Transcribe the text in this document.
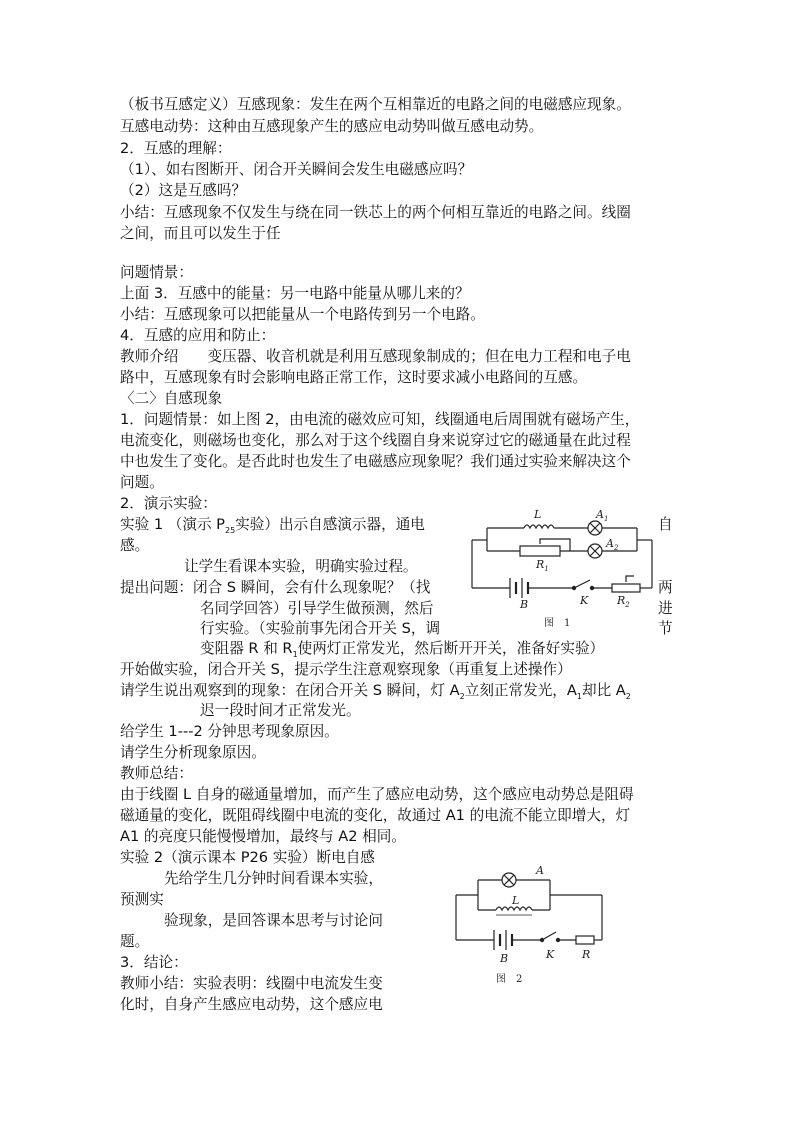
（板书互感定义）互感现象：发生在两个互相靠近的电路之间的电磁感应现象。
互感电动势：这种由互感现象产生的感应电动势叫做互感电动势。
2．互感的理解：
（1）、如右图断开、闭合开关瞬间会发生电磁感应吗？
（2）这是互感吗？
小结：互感现象不仅发生与绕在同一铁芯上的两个何相互靠近的电路之间。线圈
之间，而且可以发生于任
问题情景：
上面 3．互感中的能量：另一电路中能量从哪儿来的？
小结：互感现象可以把能量从一个电路传到另一个电路。
4．互感的应用和防止：
教师介绍　　变压器、收音机就是利用互感现象制成的；但在电力工程和电子电
路中，互感现象有时会影响电路正常工作，这时要求减小电路间的互感。
〈二〉自感现象
1．问题情景：如上图 2，由电流的磁效应可知，线圈通电后周围就有磁场产生，
电流变化，则磁场也变化，那么对于这个线圈自身来说穿过它的磁通量在此过程
中也发生了变化。是否此时也发生了电磁感应现象呢？我们通过实验来解决这个
问题。
2．演示实验：
实验 1 （演示 $P_{25}$实验）出示自感演示器，通电	自
感。
让学生看课本实验，明确实验过程。
提出问题：闭合 S 瞬间，会有什么现象呢？（找	两
名同学回答）引导学生做预测，然后	进
行实验。（实验前事先闭合开关 S，调	节
变阻器 R 和 $R_1$使两灯正常发光，然后断开开关，准备好实验）
开始做实验，闭合开关 S，提示学生注意观察现象（再重复上述操作）
请学生说出观察到的现象：在闭合开关 S 瞬间，灯 $A_2$立刻正常发光，$A_1$却比 $A_2$
迟一段时间才正常发光。
给学生 1---2 分钟思考现象原因。
请学生分析现象原因。
教师总结：
由于线圈 L 自身的磁通量增加，而产生了感应电动势，这个感应电动势总是阻碍
磁通量的变化，既阻碍线圈中电流的变化，故通过 A1 的电流不能立即增大，灯
A1 的亮度只能慢慢增加，最终与 A2 相同。
实验 2（演示课本 P26 实验）断电自感
先给学生几分钟时间看课本实验，
预测实
验现象，是回答课本思考与讨论问
题。
3．结论：
教师小结：实验表明：线圈中电流发生变
化时，自身产生感应电动势，这个感应电
L	$A_1$
$A_2$
$R_1$
B	K	$R_2$
图　1
A
L
B	K	R
图　2
